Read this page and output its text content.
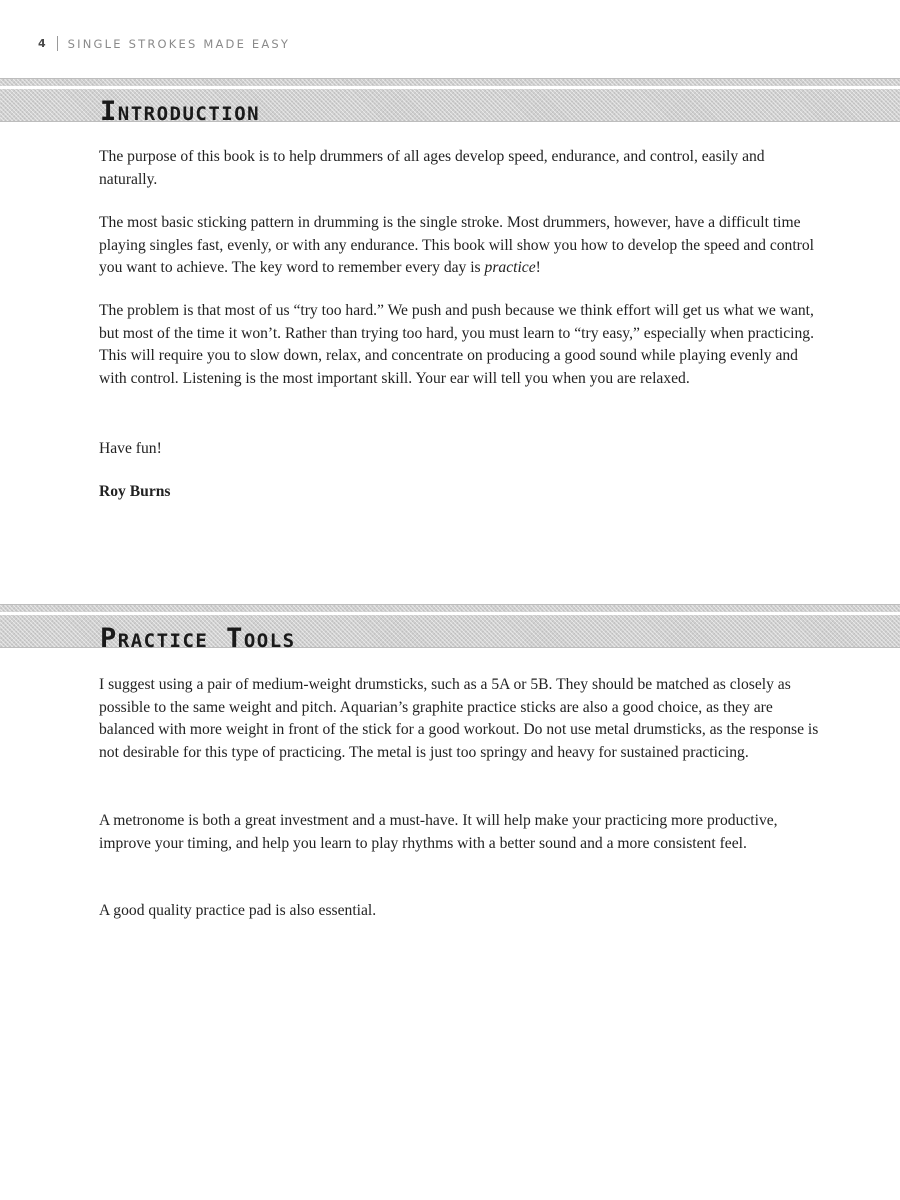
4 SINGLE STROKES MADE EASY
Introduction

The purpose of this book is to help drummers of all ages develop speed, endurance, and control, easily and naturally.

The most basic sticking pattern in drumming is the single stroke. Most drummers, however, have a difficult time playing singles fast, evenly, or with any endurance. This book will show you how to develop the speed and control you want to achieve. The key word to remember every day is practice!

The problem is that most of us “try too hard.” We push and push because we think effort will get us what we want, but most of the time it won’t. Rather than trying too hard, you must learn to “try easy,” especially when practicing. This will require you to slow down, relax, and concentrate on producing a good sound while playing evenly and with control. Listening is the most important skill. Your ear will tell you when you are relaxed.

Have fun!

Roy Burns

Practice Tools

I suggest using a pair of medium-weight drumsticks, such as a 5A or 5B. They should be matched as closely as possible to the same weight and pitch. Aquarian’s graphite practice sticks are also a good choice, as they are balanced with more weight in front of the stick for a good workout. Do not use metal drumsticks, as the response is not desirable for this type of practicing. The metal is just too springy and heavy for sustained practicing.

A metronome is both a great investment and a must-have. It will help make your practicing more productive, improve your timing, and help you learn to play rhythms with a better sound and a more consistent feel.

A good quality practice pad is also essential.
